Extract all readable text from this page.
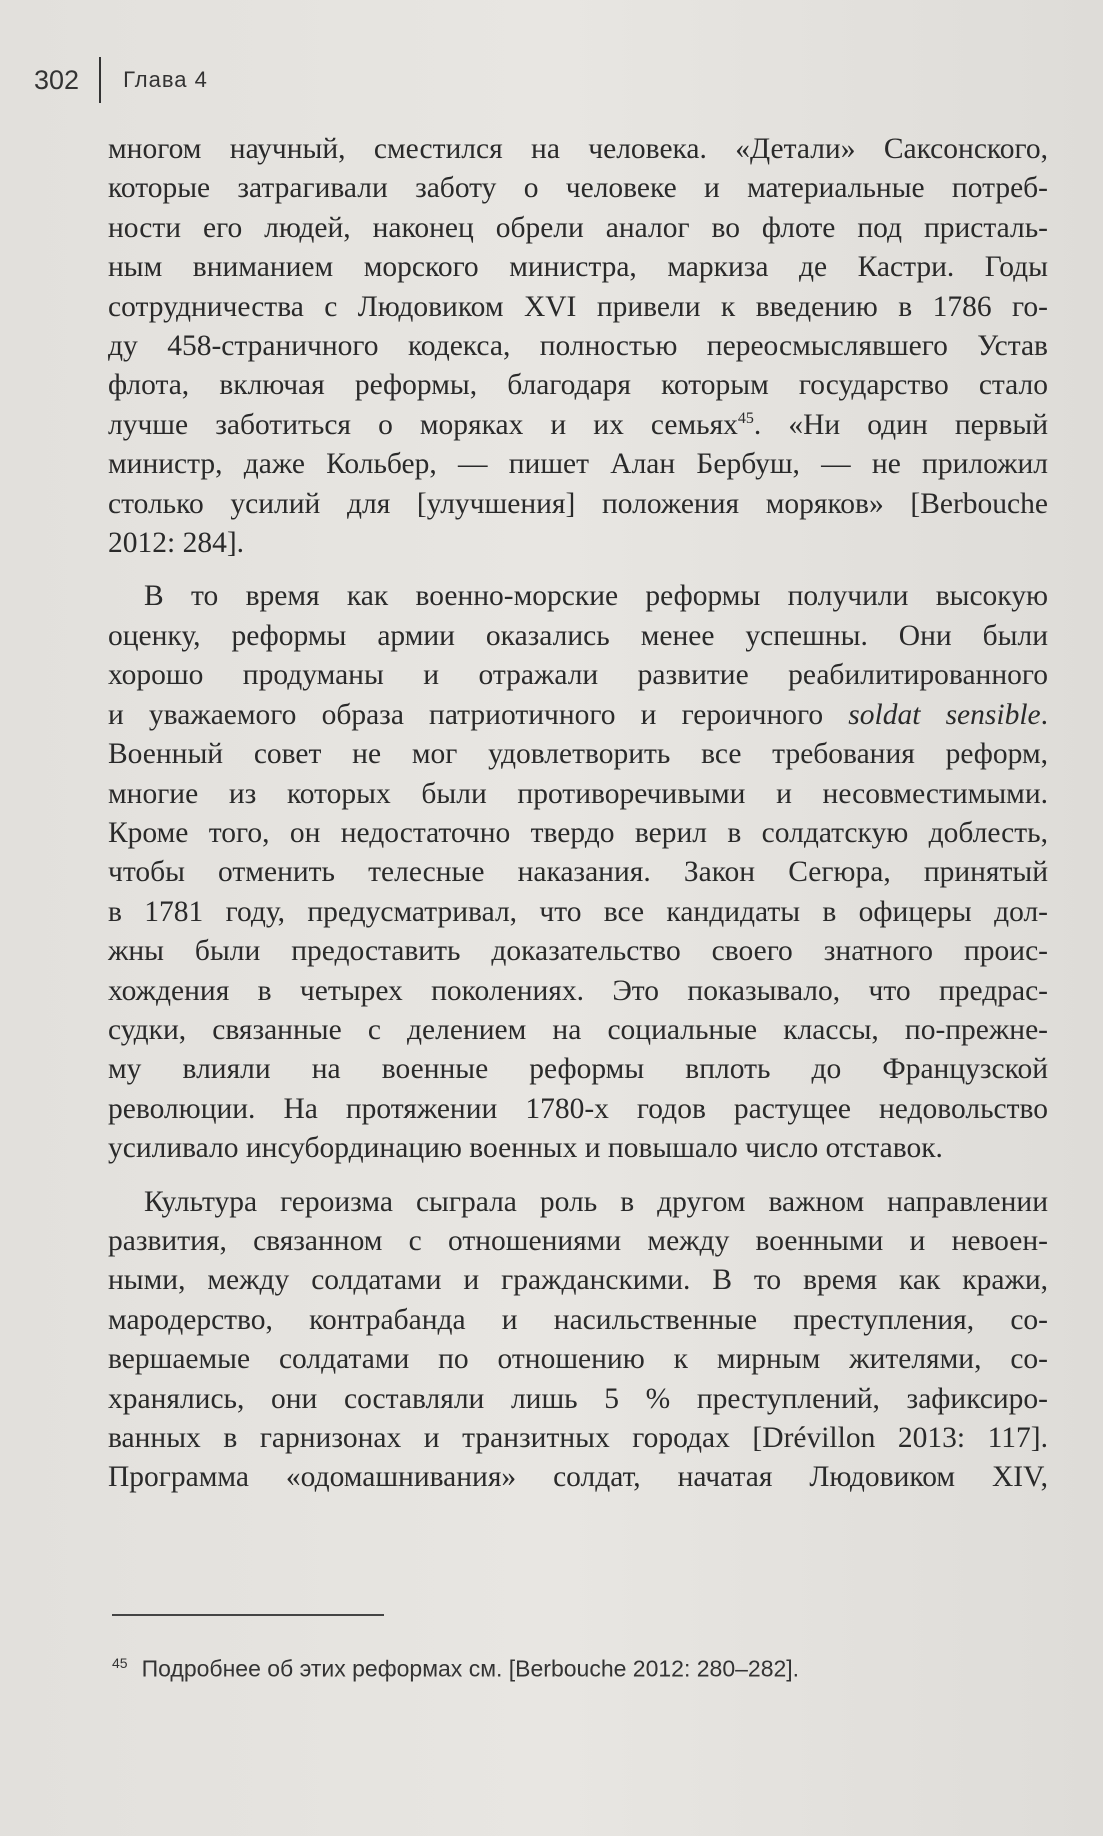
302 Глава 4
многом научный, сместился на человека. «Детали» Саксонского,
которые затрагивали заботу о человеке и материальные потреб-
ности его людей, наконец обрели аналог во флоте под присталь-
ным вниманием морского министра, маркиза де Кастри. Годы
сотрудничества с Людовиком XVI привели к введению в 1786 го-
ду 458-страничного кодекса, полностью переосмыслявшего Устав
флота, включая реформы, благодаря которым государство стало
лучше заботиться о моряках и их семьях$^{45}$. «Ни один первый
министр, даже Кольбер, — пишет Алан Бербуш, — не приложил
столько усилий для [улучшения] положения моряков» [Berbouche
2012: 284].
В то время как военно-морские реформы получили высокую
оценку, реформы армии оказались менее успешны. Они были
хорошо продуманы и отражали развитие реабилитированного
и уважаемого образа патриотичного и героичного soldat sensible.
Военный совет не мог удовлетворить все требования реформ,
многие из которых были противоречивыми и несовместимыми.
Кроме того, он недостаточно твердо верил в солдатскую доблесть,
чтобы отменить телесные наказания. Закон Сегюра, принятый
в 1781 году, предусматривал, что все кандидаты в офицеры дол-
жны были предоставить доказательство своего знатного проис-
хождения в четырех поколениях. Это показывало, что предрас-
судки, связанные с делением на социальные классы, по-прежне-
му влияли на военные реформы вплоть до Французской
революции. На протяжении 1780-х годов растущее недовольство
усиливало инсубординацию военных и повышало число отставок.
Культура героизма сыграла роль в другом важном направлении
развития, связанном с отношениями между военными и невоен-
ными, между солдатами и гражданскими. В то время как кражи,
мародерство, контрабанда и насильственные преступления, со-
вершаемые солдатами по отношению к мирным жителями, со-
хранялись, они составляли лишь 5 % преступлений, зафиксиро-
ванных в гарнизонах и транзитных городах [Drévillon 2013: 117].
Программа «одомашнивания» солдат, начатая Людовиком XIV,
$^{45}$ Подробнее об этих реформах см. [Berbouche 2012: 280–282].
